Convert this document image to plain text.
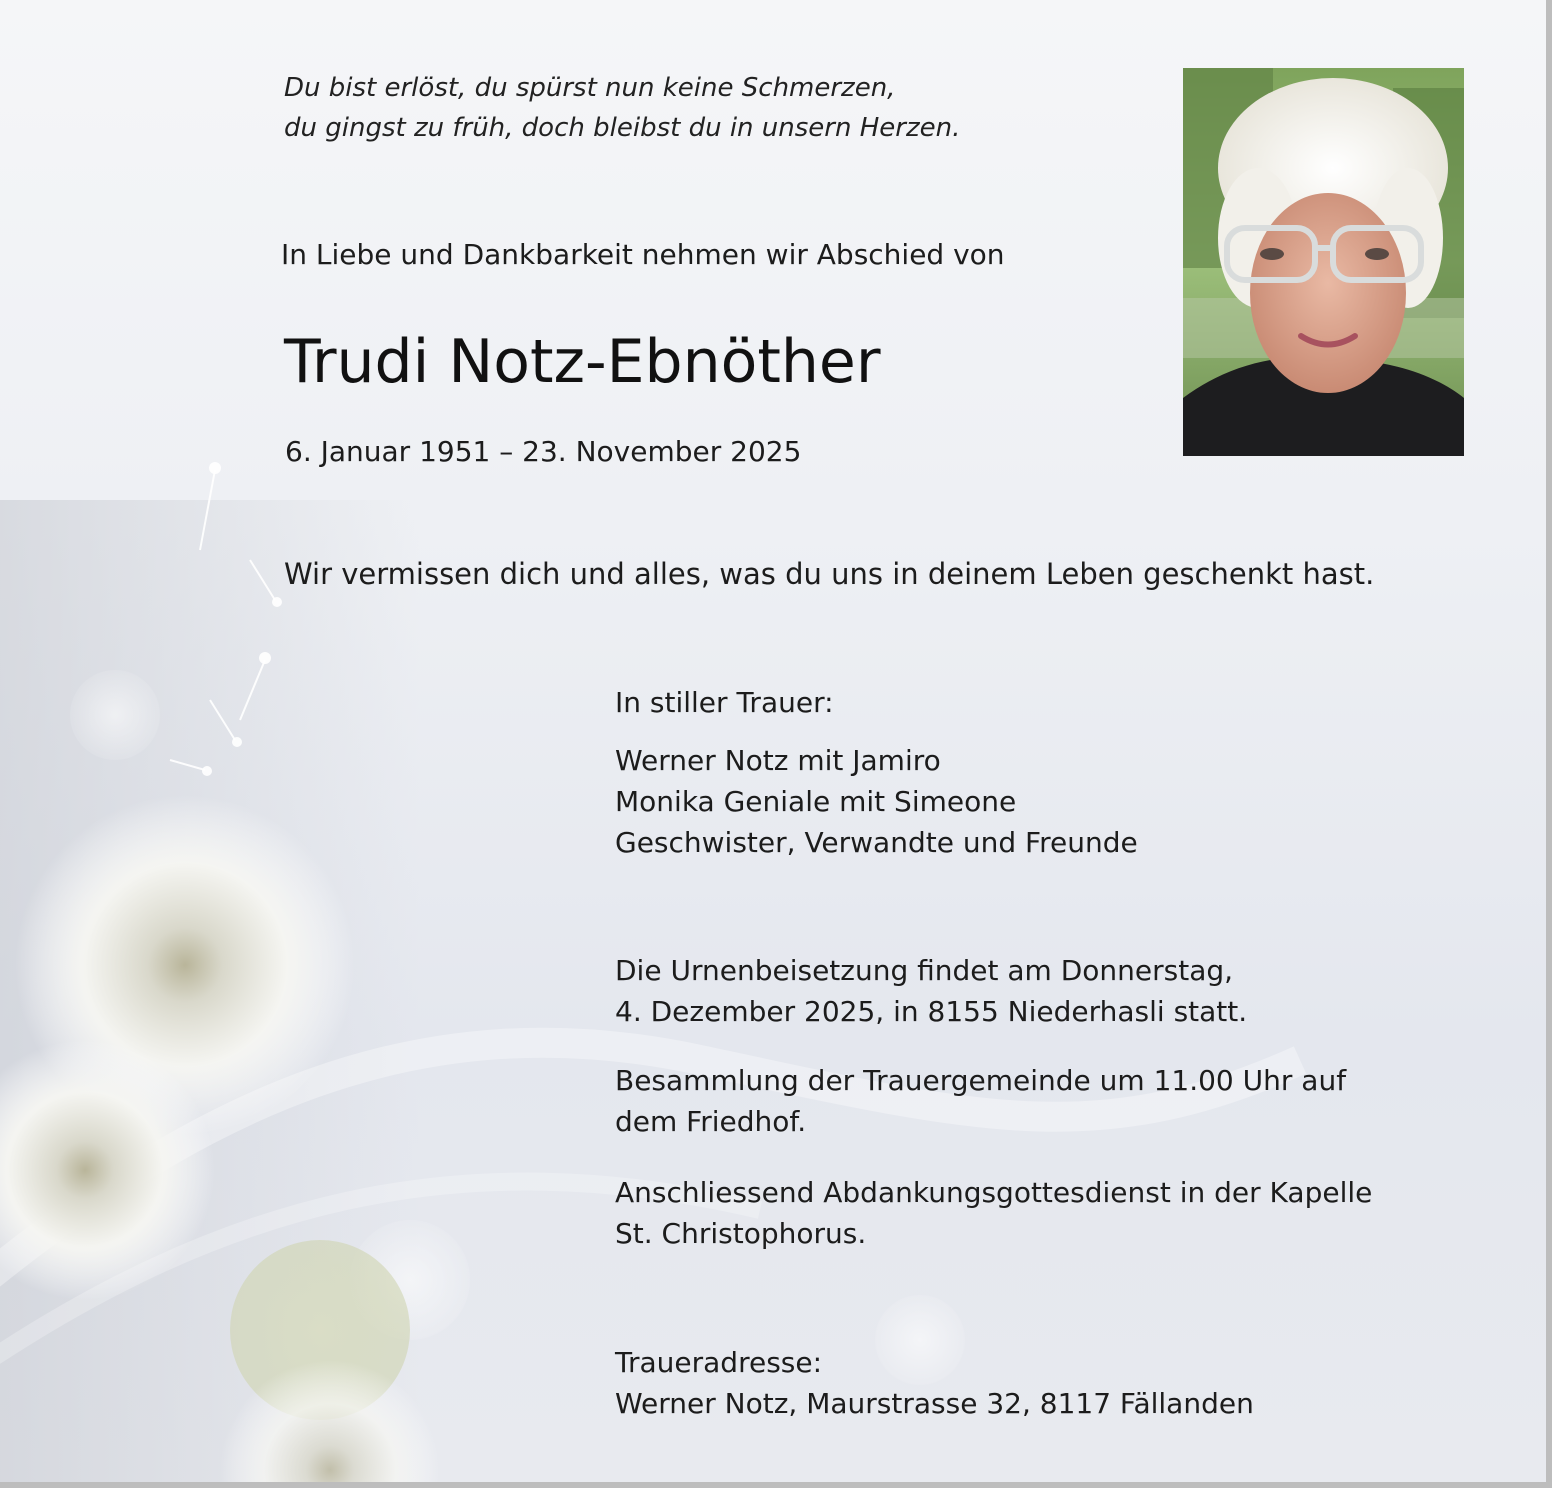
Du bist erlöst, du spürst nun keine Schmerzen,
du gingst zu früh, doch bleibst du in unsern Herzen.

In Liebe und Dankbarkeit nehmen wir Abschied von

Trudi Notz-Ebnöther

6. Januar 1951 – 23. November 2025

Wir vermissen dich und alles, was du uns in deinem Leben geschenkt hast.

In stiller Trauer:

Werner Notz mit Jamiro
Monika Geniale mit Simeone
Geschwister, Verwandte und Freunde

Die Urnenbeisetzung findet am Donnerstag,
4. Dezember 2025, in 8155 Niederhasli statt.

Besammlung der Trauergemeinde um 11.00 Uhr auf
dem Friedhof.

Anschliessend Abdankungsgottesdienst in der Kapelle
St. Christophorus.

Traueradresse:
Werner Notz, Maurstrasse 32, 8117 Fällanden
